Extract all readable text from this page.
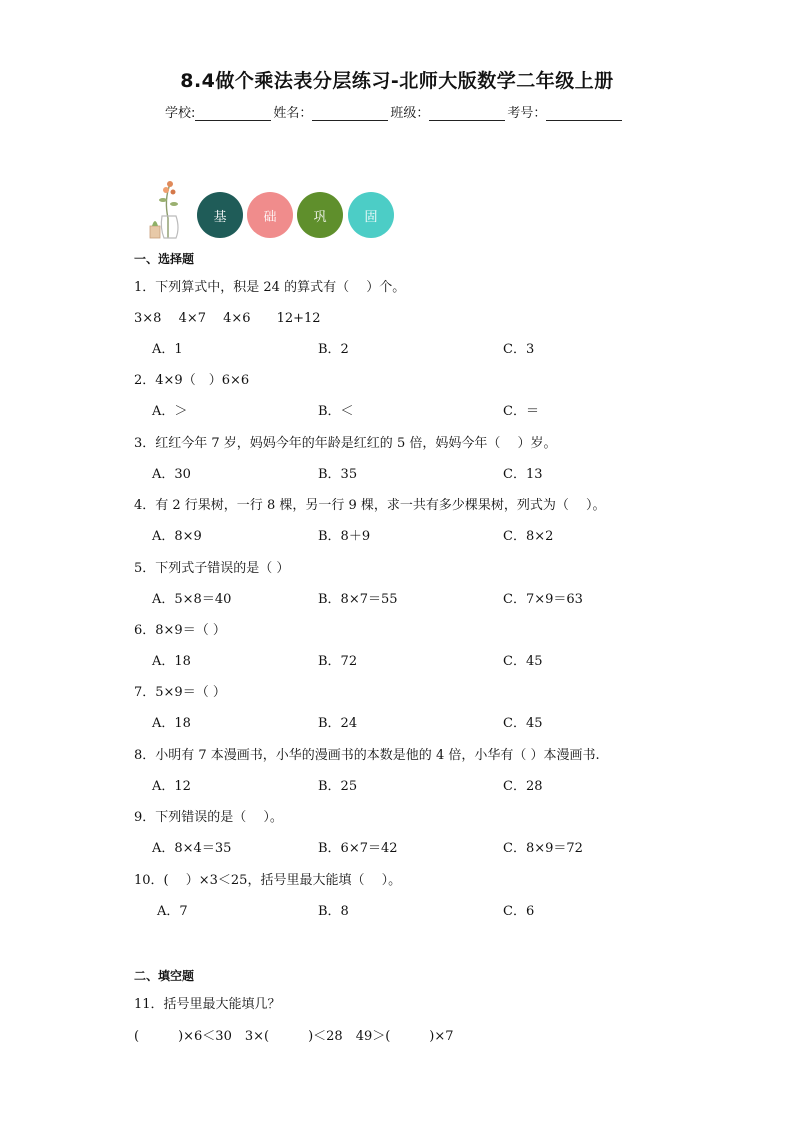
8.4做个乘法表分层练习-北师大版数学二年级上册
学校:	姓名：	班级：	考号：
基	础	巩	固
一、选择题
1．下列算式中，积是 24 的算式有（　 ）个。
3×8　 4×7　 4×6　　12+12
A．1	B．2	C．3
2．4×9（　）6×6
A．＞	B．＜	C．＝
3．红红今年 7 岁，妈妈今年的年龄是红红的 5 倍，妈妈今年（　 ）岁。
A．30	B．35	C．13
4．有 2 行果树，一行 8 棵，另一行 9 棵，求一共有多少棵果树，列式为（　 ）。
A．8×9	B．8＋9	C．8×2
5．下列式子错误的是（ ）
A．5×8＝40	B．8×7＝55	C．7×9＝63
6．8×9＝（ ）
A．18	B．72	C．45
7．5×9＝（ ）
A．18	B．24	C．45
8．小明有 7 本漫画书，小华的漫画书的本数是他的 4 倍，小华有（ ）本漫画书.
A．12	B．25	C．28
9．下列错误的是（　 ）。
A．8×4＝35	B．6×7＝42	C．8×9＝72
10．(　 ）×3＜25，括号里最大能填（　 ）。
A．7	B．8	C．6
二、填空题
11．括号里最大能填几？
(　　　)×6＜30　3×(　　　)＜28　49＞(　　　)×7
